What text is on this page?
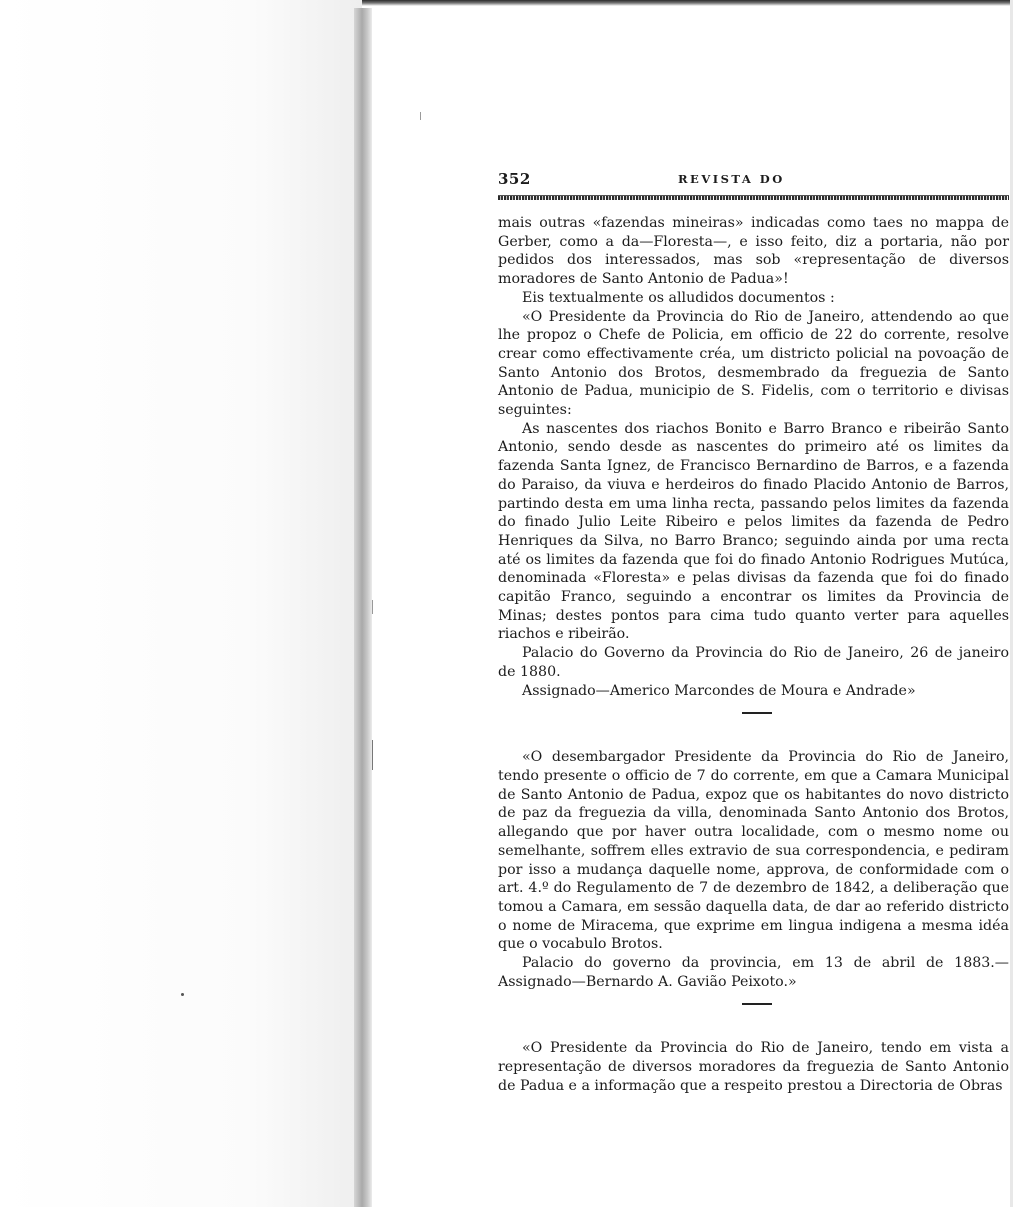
352	REVISTA DO

mais outras «fazendas mineiras» indicadas como taes no mappa de Gerber, como a da—Floresta—, e isso feito, diz a portaria, não por pedidos dos interessados, mas sob «representação de diversos moradores de Santo Antonio de Padua»!

Eis textualmente os alludidos documentos :

«O Presidente da Provincia do Rio de Janeiro, attendendo ao que lhe propoz o Chefe de Policia, em officio de 22 do corrente, resolve crear como effectivamente créa, um districto policial na povoação de Santo Antonio dos Brotos, desmembrado da freguezia de Santo Antonio de Padua, municipio de S. Fidelis, com o territorio e divisas seguintes:

As nascentes dos riachos Bonito e Barro Branco e ribeirão Santo Antonio, sendo desde as nascentes do primeiro até os limites da fazenda Santa Ignez, de Francisco Bernardino de Barros, e a fazenda do Paraiso, da viuva e herdeiros do finado Placido Antonio de Barros, partindo desta em uma linha recta, passando pelos limites da fazenda do finado Julio Leite Ribeiro e pelos limites da fazenda de Pedro Henriques da Silva, no Barro Branco; seguindo ainda por uma recta até os limites da fazenda que foi do finado Antonio Rodrigues Mutúca, denominada «Floresta» e pelas divisas da fazenda que foi do finado capitão Franco, seguindo a encontrar os limites da Provincia de Minas; destes pontos para cima tudo quanto verter para aquelles riachos e ribeirão.

Palacio do Governo da Provincia do Rio de Janeiro, 26 de janeiro de 1880.

Assignado—Americo Marcondes de Moura e Andrade»

«O desembargador Presidente da Provincia do Rio de Janeiro, tendo presente o officio de 7 do corrente, em que a Camara Municipal de Santo Antonio de Padua, expoz que os habitantes do novo districto de paz da freguezia da villa, denominada Santo Antonio dos Brotos, allegando que por haver outra localidade, com o mesmo nome ou semelhante, soffrem elles extravio de sua correspondencia, e pediram por isso a mudança daquelle nome, approva, de conformidade com o art. 4.º do Regulamento de 7 de dezembro de 1842, a deliberação que tomou a Camara, em sessão daquella data, de dar ao referido districto o nome de Miracema, que exprime em lingua indigena a mesma idéa que o vocabulo Brotos.

Palacio do governo da provincia, em 13 de abril de 1883.—Assignado—Bernardo A. Gavião Peixoto.»

«O Presidente da Provincia do Rio de Janeiro, tendo em vista a representação de diversos moradores da freguezia de Santo Antonio de Padua e a informação que a respeito prestou a Directoria de Obras
